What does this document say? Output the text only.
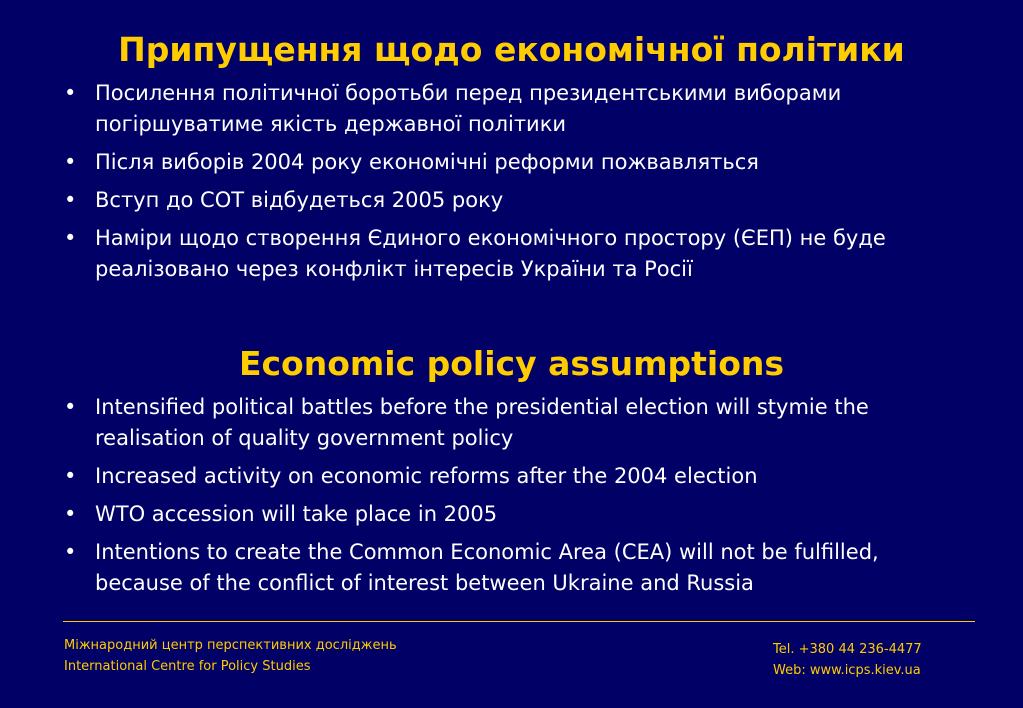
Припущення щодо економічної політики
• Посилення політичної боротьби перед президентськими виборами погіршуватиме якість державної політики
• Після виборів 2004 року економічні реформи пожвавляться
• Вступ до СОТ відбудеться 2005 року
• Наміри щодо створення Єдиного економічного простору (ЄЕП) не буде реалізовано через конфлікт інтересів України та Росії
Economic policy assumptions
• Intensified political battles before the presidential election will stymie the realisation of quality government policy
• Increased activity on economic reforms after the 2004 election
• WTO accession will take place in 2005
• Intentions to create the Common Economic Area (CEA) will not be fulfilled, because of the conflict of interest between Ukraine and Russia
Міжнародний центр перспективних досліджень
International Centre for Policy Studies
Tel. +380 44 236-4477
Web: www.icps.kiev.ua
